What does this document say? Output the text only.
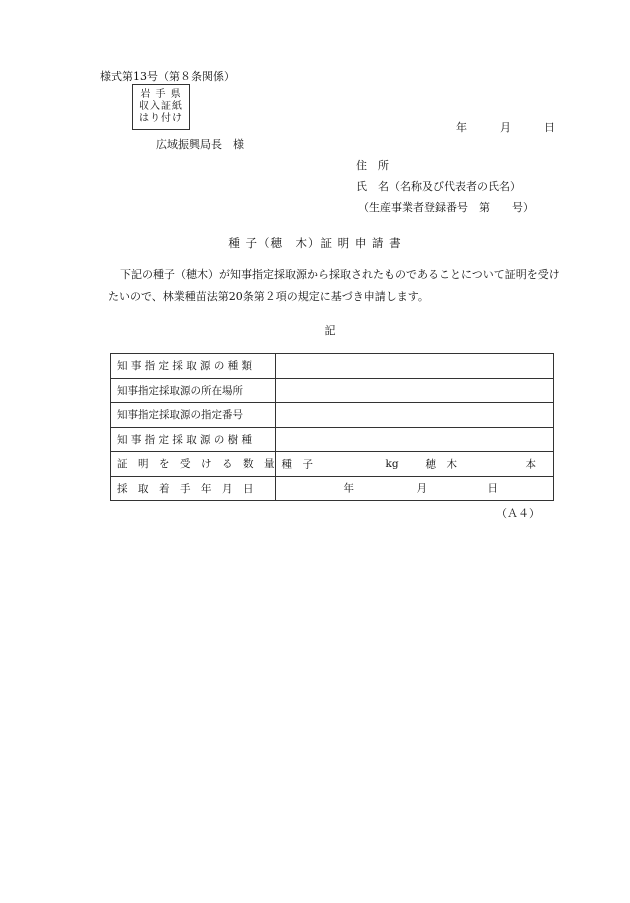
様式第13号（第８条関係）
岩 手 県
収入証紙
はり付け
年	月	日
広域振興局長　様
住　所
氏　名（名称及び代表者の氏名）
（生産事業者登録番号　第　　号）
種 子（穂　木）証 明 申 請 書
下記の種子（穂木）が知事指定採取源から採取されたものであることについて証明を受けたいので、林業種苗法第20条第２項の規定に基づき申請します。
記
知 事 指 定 採 取 源 の 種 類	
知事指定採取源の所在場所	
知事指定採取源の指定番号	
知 事 指 定 採 取 源 の 樹 種	
証　明　を　受　け　る　数　量	種　子 kg 穂　木 本

採　取　着　手　年　月　日	年 月 日
（Ａ４）
